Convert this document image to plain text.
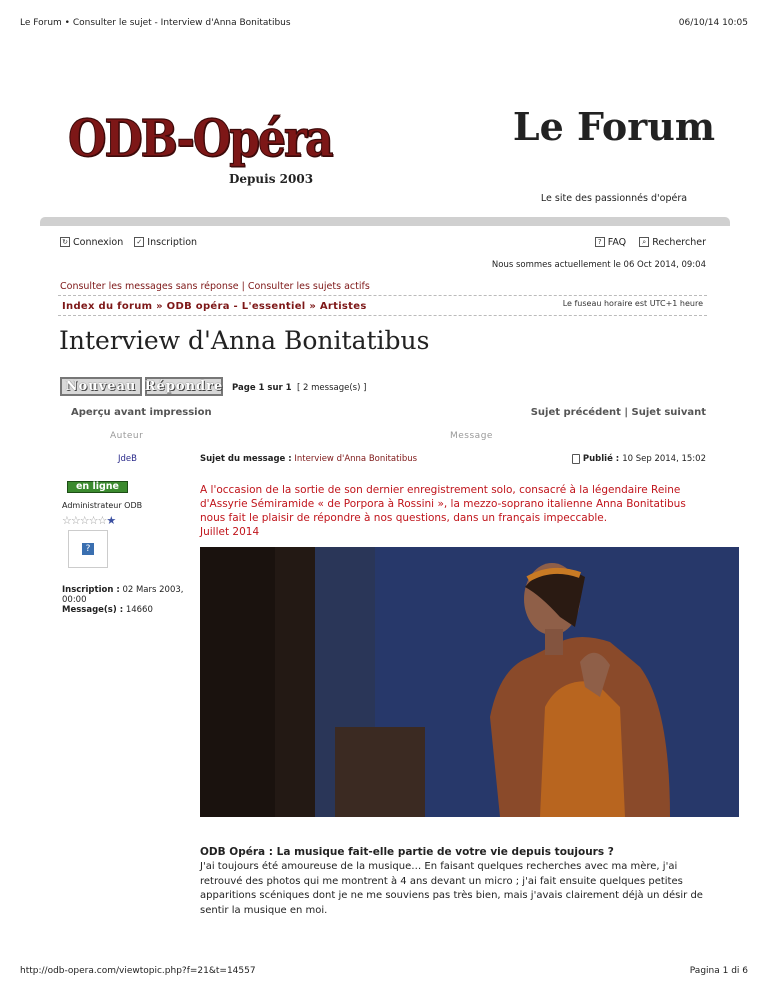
Le Forum • Consulter le sujet - Interview d'Anna Bonitatibus	06/10/14 10:05
ODB-Opéra
Depuis 2003
Le Forum
Le site des passionnés d'opéra
↻ Connexion
✓ Inscription	? FAQ
	⌕ Rechercher
Nous sommes actuellement le 06 Oct 2014, 09:04
Consulter les messages sans réponse | Consulter les sujets actifs
Index du forum » ODB opéra - L'essentiel » Artistes	Le fuseau horaire est UTC+1 heure
Interview d'Anna Bonitatibus
Nouveau Répondre Page 1 sur 1 [ 2 message(s) ]
Aperçu avant impression	Sujet précédent | Sujet suivant
Auteur	Message
JdeB	Sujet du message : Interview d'Anna Bonitatibus	Publié : 10 Sep 2014, 15:02
en ligne
Administrateur ODB
☆☆☆☆☆★
?
Inscription : 02 Mars 2003, 00:00
Message(s) : 14660
A l'occasion de la sortie de son dernier enregistrement solo, consacré à la légendaire Reine d'Assyrie Sémiramide « de Porpora à Rossini », la mezzo-soprano italienne Anna Bonitatibus nous fait le plaisir de répondre à nos questions, dans un français impeccable.
Juillet 2014
ODB Opéra : La musique fait-elle partie de votre vie depuis toujours ?
J'ai toujours été amoureuse de la musique… En faisant quelques recherches avec ma mère, j'ai retrouvé des photos qui me montrent à 4 ans devant un micro ; j'ai fait ensuite quelques petites apparitions scéniques dont je ne me souviens pas très bien, mais j'avais clairement déjà un désir de sentir la musique en moi.
http://odb-opera.com/viewtopic.php?f=21&t=14557	Pagina 1 di 6
